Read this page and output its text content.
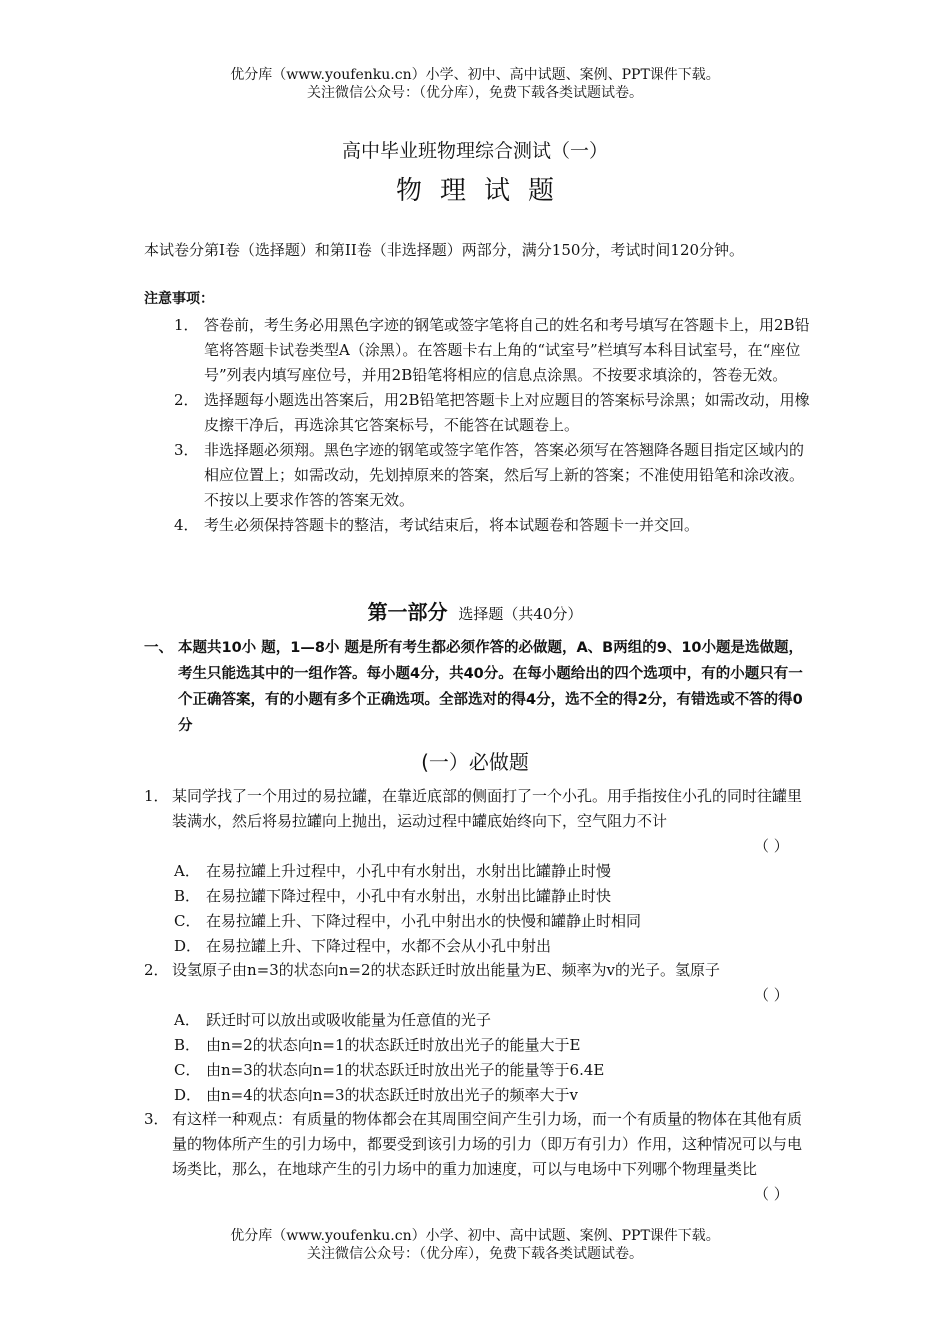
优分库（www.youfenku.cn）小学、初中、高中试题、案例、PPT课件下载。
关注微信公众号：（优分库），免费下载各类试题试卷。
高中毕业班物理综合测试（一）
物理试题
本试卷分第I卷（选择题）和第II卷（非选择题）两部分，满分150分，考试时间120分钟。
注意事项：
1． 答卷前，考生务必用黑色字迹的钢笔或签字笔将自己的姓名和考号填写在答题卡上，用2B铅笔将答题卡试卷类型A（涂黑）。在答题卡右上角的“试室号”栏填写本科目试室号，在“座位号”列表内填写座位号，并用2B铅笔将相应的信息点涂黑。不按要求填涂的，答卷无效。
2． 选择题每小题选出答案后，用2B铅笔把答题卡上对应题目的答案标号涂黑；如需改动，用橡皮擦干净后，再选涂其它答案标号，不能答在试题卷上。
3． 非选择题必须翔。黑色字迹的钢笔或签字笔作答，答案必须写在答翘降各题目指定区域内的相应位置上；如需改动，先划掉原来的答案，然后写上新的答案；不准使用铅笔和涂改液。不按以上要求作答的答案无效。
4． 考生必须保持答题卡的整洁，考试结束后，将本试题卷和答题卡一并交回。
第一部分 选择题（共40分）
一、 本题共10小 题，1—8小 题是所有考生都必须作答的必做题，A、B两组的9、10小题是选做题，考生只能选其中的一组作答。每小题4分，共40分。在每小题给出的四个选项中，有的小题只有一个正确答案，有的小题有多个正确选项。全部选对的得4分，选不全的得2分，有错选或不答的得0分
(一）必做题
1． 某同学找了一个用过的易拉罐，在靠近底部的侧面打了一个小孔。用手指按住小孔的同时往罐里装满水，然后将易拉罐向上抛出，运动过程中罐底始终向下，空气阻力不计
（ ）
A． 在易拉罐上升过程中，小孔中有水射出，水射出比罐静止时慢
B． 在易拉罐下降过程中，小孔中有水射出，水射出比罐静止时快
C． 在易拉罐上升、下降过程中，小孔中射出水的快慢和罐静止时相同
D． 在易拉罐上升、下降过程中，水都不会从小孔中射出
2． 设氢原子由n=3的状态向n=2的状态跃迁时放出能量为E、频率为v的光子。氢原子
（ ）
A． 跃迁时可以放出或吸收能量为任意值的光子
B． 由n=2的状态向n=1的状态跃迁时放出光子的能量大于E
C． 由n=3的状态向n=1的状态跃迁时放出光子的能量等于6.4E
D． 由n=4的状态向n=3的状态跃迁时放出光子的频率大于v
3． 有这样一种观点：有质量的物体都会在其周围空间产生引力场，而一个有质量的物体在其他有质量的物体所产生的引力场中，都要受到该引力场的引力（即万有引力）作用，这种情况可以与电场类比，那么，在地球产生的引力场中的重力加速度，可以与电场中下列哪个物理量类比
（ ）
优分库（www.youfenku.cn）小学、初中、高中试题、案例、PPT课件下载。
关注微信公众号：（优分库），免费下载各类试题试卷。
